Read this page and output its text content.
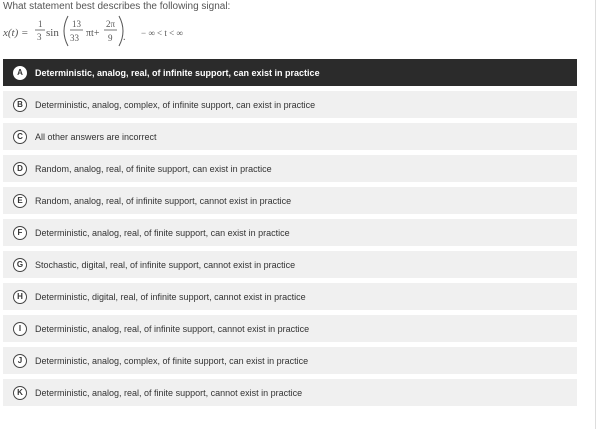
What statement best describes the following signal:
x(t) =
1
3 sin
13
33 πt+
2π
9 . − ∞ < t < ∞
A	Deterministic, analog, real, of infinite support, can exist in practice
B	Deterministic, analog, complex, of infinite support, can exist in practice
C	All other answers are incorrect
D	Random, analog, real, of finite support, can exist in practice
E	Random, analog, real, of infinite support, cannot exist in practice
F	Deterministic, analog, real, of finite support, can exist in practice
G	Stochastic, digital, real, of infinite support, cannot exist in practice
H	Deterministic, digital, real, of infinite support, cannot exist in practice
I	Deterministic, analog, real, of infinite support, cannot exist in practice
J	Deterministic, analog, complex, of finite support, can exist in practice
K	Deterministic, analog, real, of finite support, cannot exist in practice
